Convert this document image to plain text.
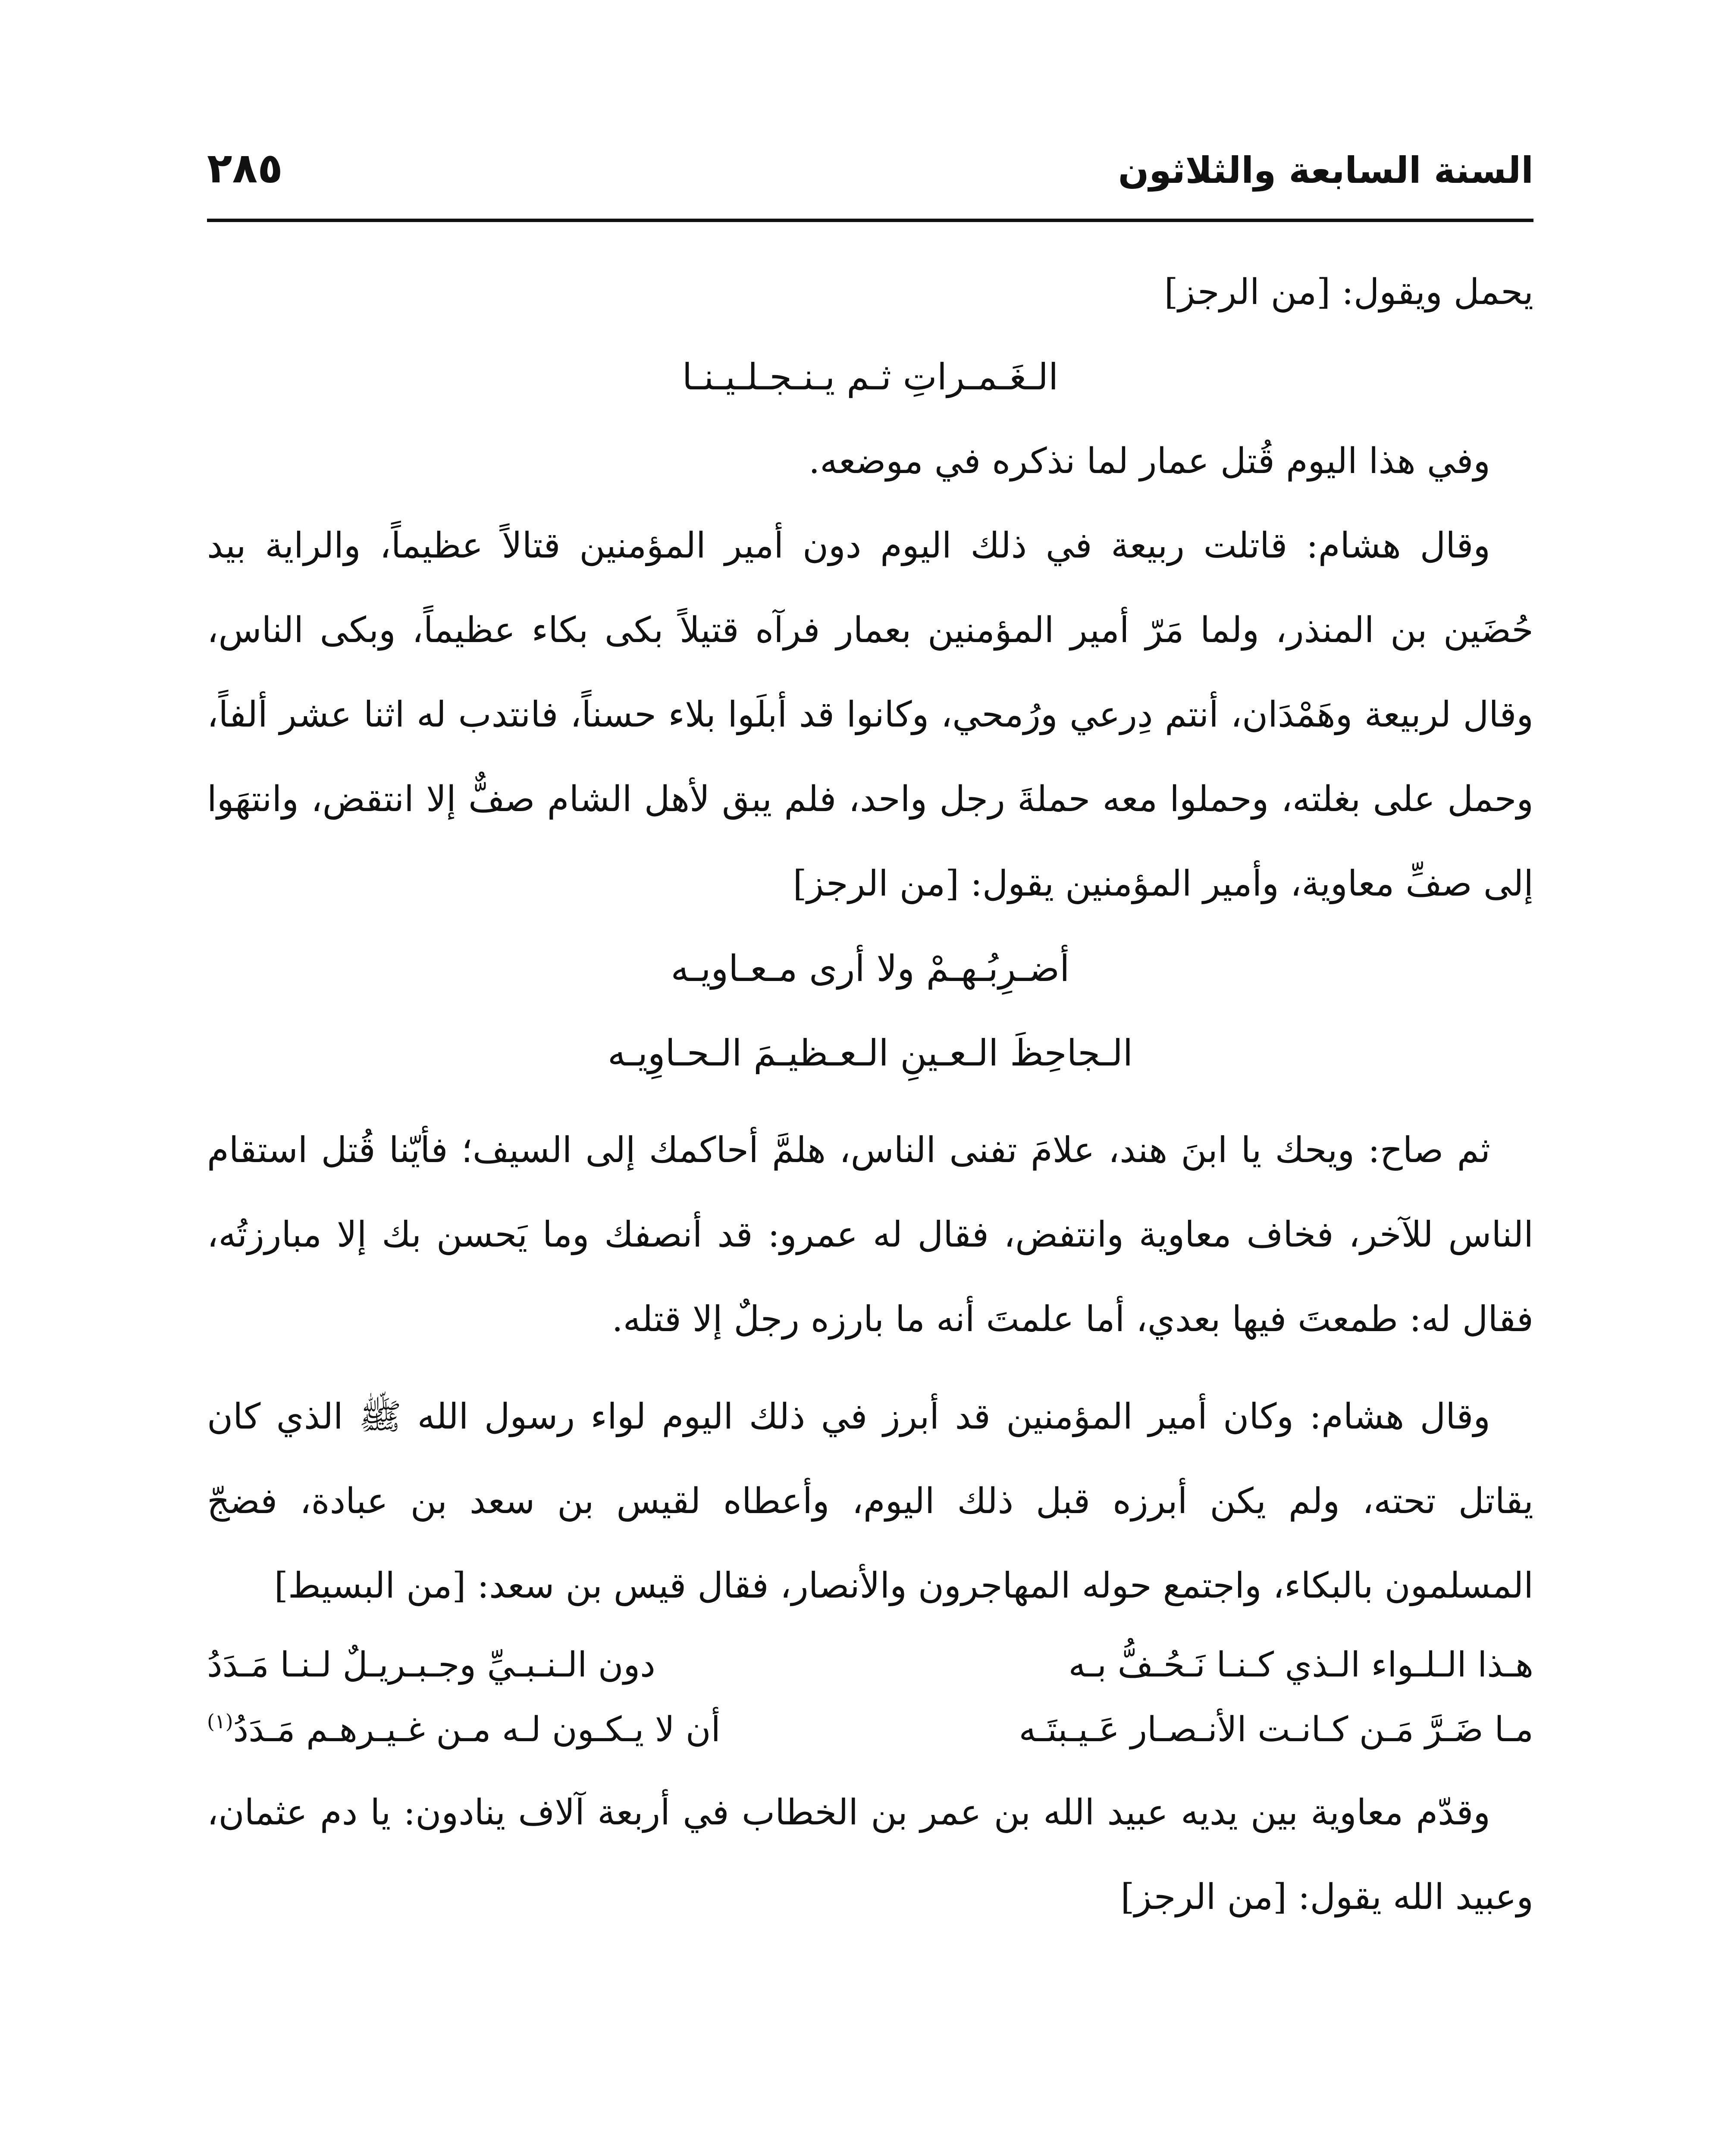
السنة السابعة والثلاثون
٢٨٥

يحمل ويقول: [من الرجز]

الـغَـمـراتِ ثـم يـنـجـلـيـنـا

وفي هذا اليوم قُتل عمار لما نذكره في موضعه.

وقال هشام: قاتلت ربيعة في ذلك اليوم دون أمير المؤمنين قتالاً عظيماً، والراية بيد حُضَين بن المنذر، ولما مَرّ أمير المؤمنين بعمار فرآه قتيلاً بكى بكاء عظيماً، وبكى الناس، وقال لربيعة وهَمْدَان، أنتم دِرعي ورُمحي، وكانوا قد أبلَوا بلاء حسناً، فانتدب له اثنا عشر ألفاً، وحمل على بغلته، وحملوا معه حملةَ رجل واحد، فلم يبق لأهل الشام صفٌّ إلا انتقض، وانتهَوا إلى صفِّ معاوية، وأمير المؤمنين يقول: [من الرجز]

أضـرِبُـهـمْ ولا أرى مـعـاويـه

الـجاحِظَ الـعـينِ الـعـظيـمَ الـحـاوِيـه

ثم صاح: ويحك يا ابنَ هند، علامَ تفنى الناس، هلمَّ أحاكمك إلى السيف؛ فأيّنا قُتل استقام الناس للآخر، فخاف معاوية وانتفض، فقال له عمرو: قد أنصفك وما يَحسن بك إلا مبارزتُه، فقال له: طمعتَ فيها بعدي، أما علمتَ أنه ما بارزه رجلٌ إلا قتله.

وقال هشام: وكان أمير المؤمنين قد أبرز في ذلك اليوم لواء رسول الله ﷺ الذي كان يقاتل تحته، ولم يكن أبرزه قبل ذلك اليوم، وأعطاه لقيس بن سعد بن عبادة، فضجّ المسلمون بالبكاء، واجتمع حوله المهاجرون والأنصار، فقال قيس بن سعد: [من البسيط]

هـذا الـلـواء الـذي كـنـا نَـحُـفُّ بـه
دون الـنـبـيِّ وجـبـريـلٌ لـنـا مَـدَدُ
مـا ضَـرَّ مَـن كـانـت الأنـصـار عَـيـبتَـه
أن لا يـكـون لـه مـن غـيـرهـم مَـدَدُ$^{(١)}$

وقدّم معاوية بين يديه عبيد الله بن عمر بن الخطاب في أربعة آلاف ينادون: يا دم عثمان، وعبيد الله يقول: [من الرجز]
